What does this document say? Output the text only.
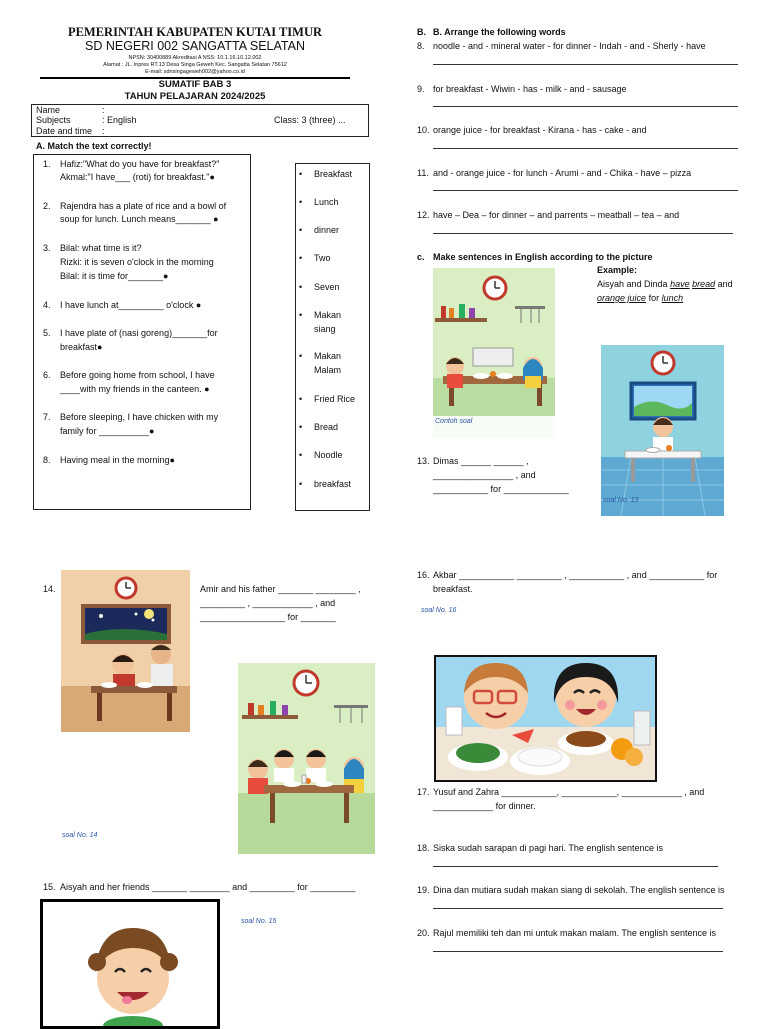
PEMERINTAH KABUPATEN KUTAI TIMUR
SD NEGERI 002 SANGATTA SELATAN
NPSN: 30400889 Akreditasi A NSS: 10.1.16.10.12.002
Alamat : JL. Inpres RT.13 Desa Singa Geweh Kec. Sangatta Selatan 75612
E-mail: sdnsingageweh002@yahoo.co.id
SUMATIF BAB 3
TAHUN PELAJARAN 2024/2025
Name	:
Subjects	: English	Class: 3 (three) ...
Date and time :
A. Match the text correctly!
1. Hafiz:"What do you have for breakfast?"
Akmal:"I have___ (roti) for breakfast."●
2. Rajendra has a plate of rice and a bowl of
soup for lunch. Lunch means_______ ●
3. Bilal: what time is it?
Rizki: it is seven o'clock in the morning
Bilal: it is time for_______●
4. I have lunch at_________ o'clock ●
5. I have plate of (nasi goreng)_______for
breakfast●
6. Before going home from school, I have
____with my friends in the canteen. ●
7. Before sleeping, I have chicken with my
family for __________●
8. Having meal in the morning●
• Breakfast
• Lunch
• dinner
• Two
• Seven
• Makan
siang
• Makan
Malam
• Fried Rice
• Bread
• Noodle
• breakfast
B. B. Arrange the following words
8. noodle - and - mineral water - for dinner - Indah - and - Sherly - have
9. for breakfast - Wiwin - has - milk - and - sausage
10. orange juice - for breakfast - Kirana - has - cake - and
11. and - orange juice - for lunch - Arumi - and - Chika - have – pizza
12. have – Dea – for dinner – and parrents – meatball – tea – and
c. Make sentences in English according to the picture
Example:
Aisyah and Dinda have bread and
orange juice for lunch
Contoh soal
13. Dimas ______ ______ ,
________________ , and
___________ for _____________
soal No. 13
14.	Amir and his father _______ ________ ,
_________ , ____________ , and
_________________ for _______
soal No. 14
15. Aisyah and her friends _______ ________ and _________ for _________
soal No. 15
16. Akbar ___________ _________ , ___________ , and ___________ for
breakfast.
soal No. 16
17. Yusuf and Zahra ___________, ___________, ____________ , and
____________ for dinner.
18. Siska sudah sarapan di pagi hari. The english sentence is
19. Dina dan mutiara sudah makan siang di sekolah. The english sentence is
20. Rajul memiliki teh dan mi untuk makan malam. The english sentence is
